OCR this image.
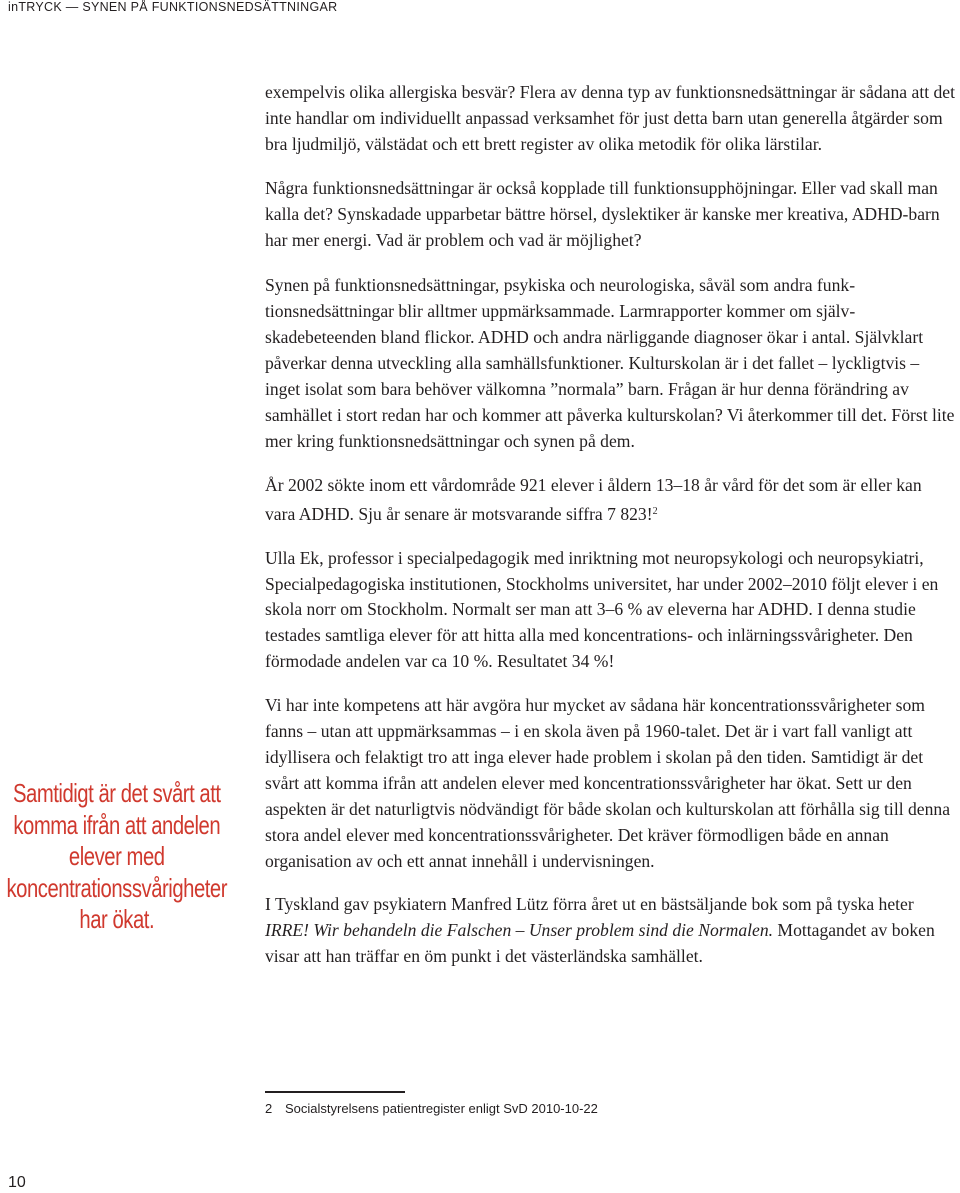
inTRYCK — SYNEN PÅ FUNKTIONSNEDSÄTTNINGAR
Samtidigt är det svårt att komma ifrån att andelen elever med koncentrationssvårigheter har ökat.

exempelvis olika allergiska besvär? Flera av denna typ av funktionsnedsättningar är sådana att det inte handlar om individuellt anpassad verksamhet för just detta barn utan generella åtgärder som bra ljudmiljö, välstädat och ett brett register av olika metodik för olika lärstilar.

Några funktionsnedsättningar är också kopplade till funktionsupphöjningar. Eller vad skall man kalla det? Synskadade upparbetar bättre hörsel, dyslektiker är kanske mer kreativa, ADHD-barn har mer energi. Vad är problem och vad är möjlighet?

Synen på funktionsnedsättningar, psykiska och neurologiska, såväl som andra funktionsnedsättningar blir alltmer uppmärksammade. Larmrapporter kommer om självskadebeteenden bland flickor. ADHD och andra närliggande diagnoser ökar i antal. Självklart påverkar denna utveckling alla samhällsfunktioner. Kulturskolan är i det fallet – lyckligtvis – inget isolat som bara behöver välkomna ”normala” barn. Frågan är hur denna förändring av samhället i stort redan har och kommer att påverka kulturskolan? Vi återkommer till det. Först lite mer kring funktionsnedsättningar och synen på dem.

År 2002 sökte inom ett vårdområde 921 elever i åldern 13–18 år vård för det som är eller kan vara ADHD. Sju år senare är motsvarande siffra 7 823!$^2$

Ulla Ek, professor i specialpedagogik med inriktning mot neuropsykologi och neuropsykiatri, Specialpedagogiska institutionen, Stockholms universitet, har under 2002–2010 följt elever i en skola norr om Stockholm. Normalt ser man att 3–6 % av eleverna har ADHD. I denna studie testades samtliga elever för att hitta alla med koncentrations- och inlärningssvårigheter. Den förmodade andelen var ca 10 %. Resultatet 34 %!

Vi har inte kompetens att här avgöra hur mycket av sådana här koncentrationssvårigheter som fanns – utan att uppmärksammas – i en skola även på 1960-talet. Det är i vart fall vanligt att idyllisera och felaktigt tro att inga elever hade problem i skolan på den tiden. Samtidigt är det svårt att komma ifrån att andelen elever med koncentrationssvårigheter har ökat. Sett ur den aspekten är det naturligtvis nödvändigt för både skolan och kulturskolan att förhålla sig till denna stora andel elever med koncentrationssvårigheter. Det kräver förmodligen både en annan organisation av och ett annat innehåll i undervisningen.

I Tyskland gav psykiatern Manfred Lütz förra året ut en bästsäljande bok som på tyska heter IRRE! Wir behandeln die Falschen – Unser problem sind die Normalen. Mottagandet av boken visar att han träffar en öm punkt i det västerländska samhället.

2 Socialstyrelsens patientregister enligt SvD 2010-10-22
10
